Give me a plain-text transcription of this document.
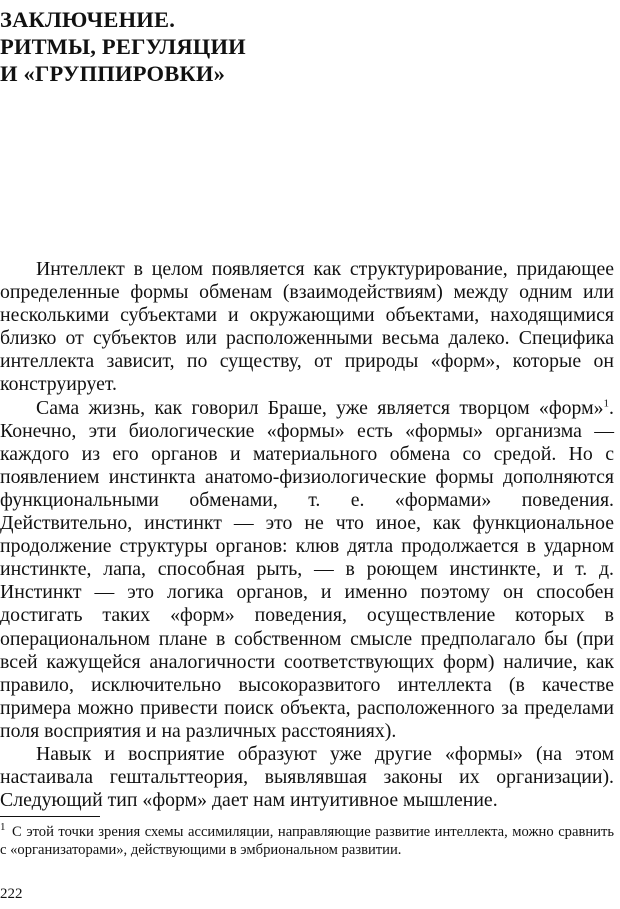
ЗАКЛЮЧЕНИЕ.
РИТМЫ, РЕГУЛЯЦИИ
И «ГРУППИРОВКИ»

Интеллект в целом появляется как структурирование, придающее определенные формы обменам (взаимодействиям) между одним или несколькими субъектами и окружающими объектами, находящимися близко от субъектов или расположенными весьма далеко. Специфика интеллекта зависит, по существу, от природы «форм», которые он конструирует.

Сама жизнь, как говорил Браше, уже является творцом «форм»$^1$. Конечно, эти биологические «формы» есть «формы» организма — каждого из его органов и материального обмена со средой. Но с появлением инстинкта анатомо-физиологические формы дополняются функциональными обменами, т. е. «формами» поведения. Действительно, инстинкт — это не что иное, как функциональное продолжение структуры органов: клюв дятла продолжается в ударном инстинкте, лапа, способная рыть, — в роющем инстинкте, и т. д. Инстинкт — это логика органов, и именно поэтому он способен достигать таких «форм» поведения, осуществление которых в операциональном плане в собственном смысле предполагало бы (при всей кажущейся аналогичности соответствующих форм) наличие, как правило, исключительно высокоразвитого интеллекта (в качестве примера можно привести поиск объекта, расположенного за пределами поля восприятия и на различных расстояниях).

Навык и восприятие образуют уже другие «формы» (на этом настаивала гештальттеория, выявлявшая законы их организации). Следующий тип «форм» дает нам интуитивное мышление.

$^1$ С этой точки зрения схемы ассимиляции, направляющие развитие интеллекта, можно сравнить с «организаторами», действующими в эмбриональном развитии.

222
